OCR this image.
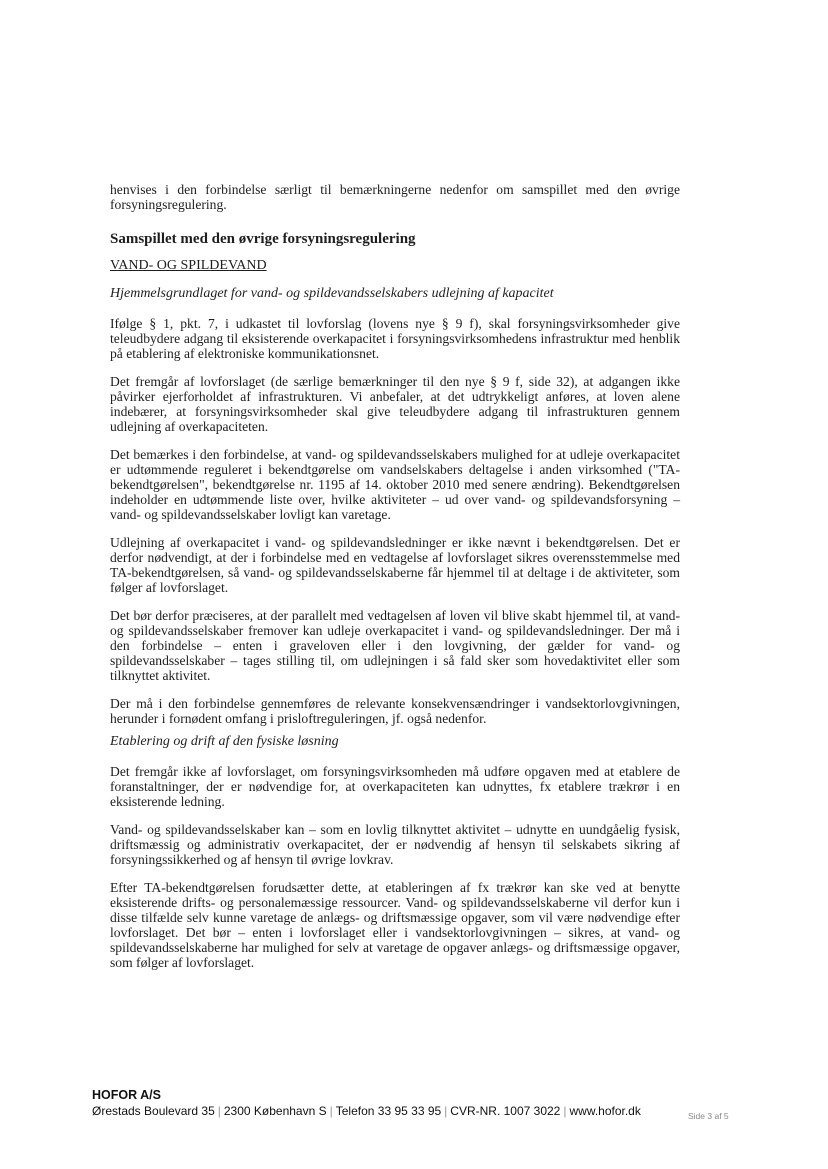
henvises i den forbindelse særligt til bemærkningerne nedenfor om samspillet med den øvrige forsyningsregulering.

Samspillet med den øvrige forsyningsregulering

VAND- OG SPILDEVAND

Hjemmelsgrundlaget for vand- og spildevandsselskabers udlejning af kapacitet

Ifølge § 1, pkt. 7, i udkastet til lovforslag (lovens nye § 9 f), skal forsyningsvirksomheder give teleudbydere adgang til eksisterende overkapacitet i forsyningsvirksomhedens infrastruktur med henblik på etablering af elektroniske kommunikationsnet.

Det fremgår af lovforslaget (de særlige bemærkninger til den nye § 9 f, side 32), at adgangen ikke påvirker ejerforholdet af infrastrukturen. Vi anbefaler, at det udtrykkeligt anføres, at loven alene indebærer, at forsyningsvirksomheder skal give teleudbydere adgang til infrastrukturen gennem udlejning af overkapaciteten.

Det bemærkes i den forbindelse, at vand- og spildevandsselskabers mulighed for at udleje overkapacitet er udtømmende reguleret i bekendtgørelse om vandselskabers deltagelse i anden virksomhed ("TA-bekendtgørelsen", bekendtgørelse nr. 1195 af 14. oktober 2010 med senere ændring). Bekendtgørelsen indeholder en udtømmende liste over, hvilke aktiviteter – ud over vand- og spildevandsforsyning – vand- og spildevandsselskaber lovligt kan varetage.

Udlejning af overkapacitet i vand- og spildevandsledninger er ikke nævnt i bekendtgørelsen. Det er derfor nødvendigt, at der i forbindelse med en vedtagelse af lovforslaget sikres overensstemmelse med TA-bekendtgørelsen, så vand- og spildevandsselskaberne får hjemmel til at deltage i de aktiviteter, som følger af lovforslaget.

Det bør derfor præciseres, at der parallelt med vedtagelsen af loven vil blive skabt hjemmel til, at vand- og spildevandsselskaber fremover kan udleje overkapacitet i vand- og spildevandsledninger. Der må i den forbindelse – enten i graveloven eller i den lovgivning, der gælder for vand- og spildevandsselskaber – tages stilling til, om udlejningen i så fald sker som hovedaktivitet eller som tilknyttet aktivitet.

Der må i den forbindelse gennemføres de relevante konsekvensændringer i vandsektorlovgivningen, herunder i fornødent omfang i prisloftreguleringen, jf. også nedenfor.

Etablering og drift af den fysiske løsning

Det fremgår ikke af lovforslaget, om forsyningsvirksomheden må udføre opgaven med at etablere de foranstaltninger, der er nødvendige for, at overkapaciteten kan udnyttes, fx etablere trækrør i en eksisterende ledning.

Vand- og spildevandsselskaber kan – som en lovlig tilknyttet aktivitet – udnytte en uundgåelig fysisk, driftsmæssig og administrativ overkapacitet, der er nødvendig af hensyn til selskabets sikring af forsyningssikkerhed og af hensyn til øvrige lovkrav.

Efter TA-bekendtgørelsen forudsætter dette, at etableringen af fx trækrør kan ske ved at benytte eksisterende drifts- og personalemæssige ressourcer. Vand- og spildevandsselskaberne vil derfor kun i disse tilfælde selv kunne varetage de anlægs- og driftsmæssige opgaver, som vil være nødvendige efter lovforslaget. Det bør – enten i lovforslaget eller i vandsektorlovgivningen – sikres, at vand- og spildevandsselskaberne har mulighed for selv at varetage de opgaver anlægs- og driftsmæssige opgaver, som følger af lovforslaget.

HOFOR A/S
Ørestads Boulevard 35 | 2300 København S | Telefon 33 95 33 95 | CVR-NR. 1007 3022 | www.hofor.dk	Side 3 af 5
